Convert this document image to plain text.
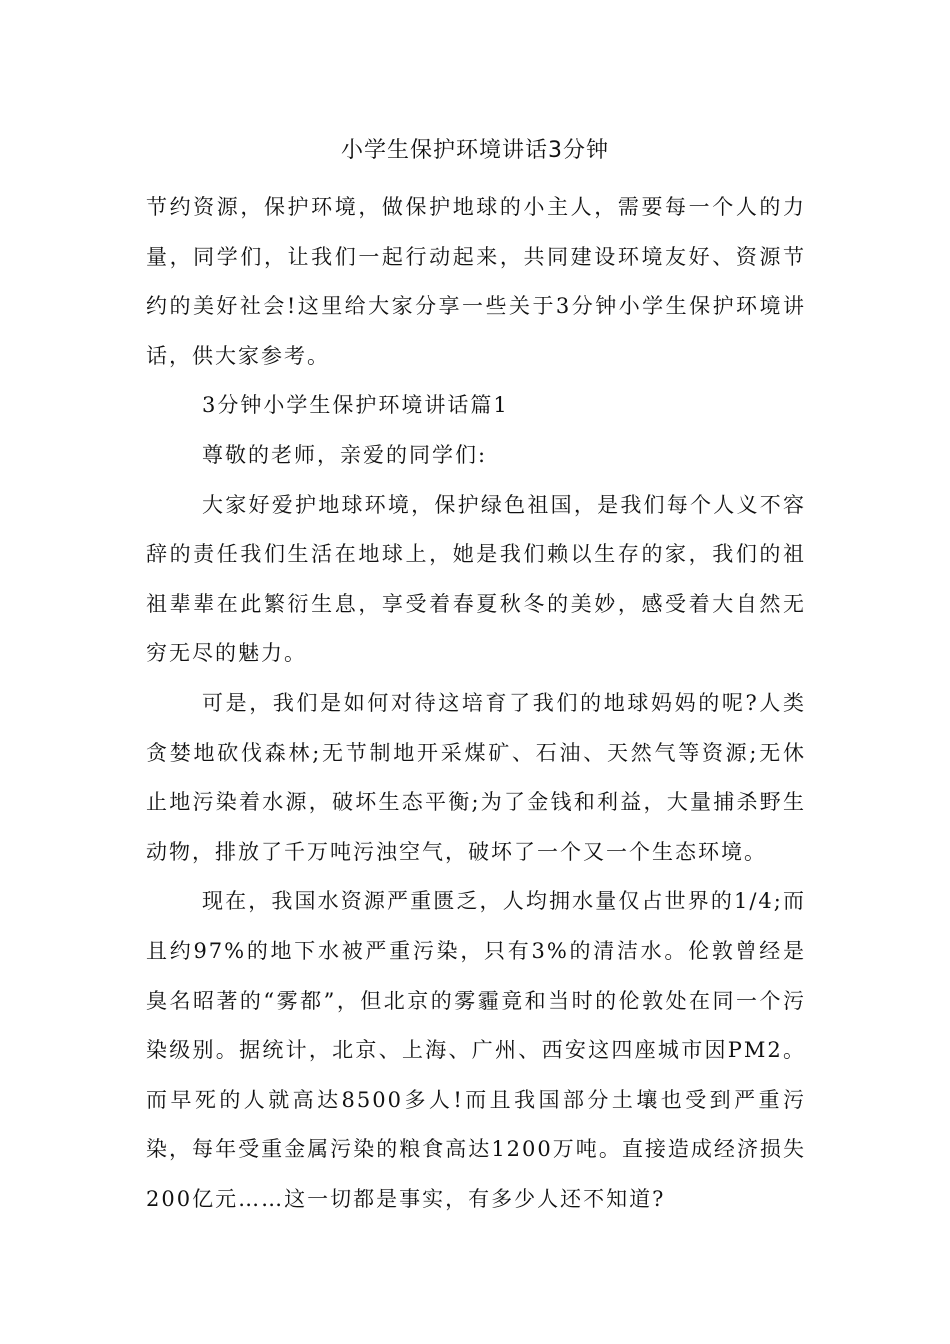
小学生保护环境讲话3分钟

节约资源，保护环境，做保护地球的小主人，需要每一个人的力量，同学们，让我们一起行动起来，共同建设环境友好、资源节约的美好社会!这里给大家分享一些关于3分钟小学生保护环境讲话，供大家参考。

3分钟小学生保护环境讲话篇1

尊敬的老师，亲爱的同学们:

大家好爱护地球环境，保护绿色祖国，是我们每个人义不容辞的责任我们生活在地球上，她是我们赖以生存的家，我们的祖祖辈辈在此繁衍生息，享受着春夏秋冬的美妙，感受着大自然无穷无尽的魅力。

可是，我们是如何对待这培育了我们的地球妈妈的呢?人类贪婪地砍伐森林;无节制地开采煤矿、石油、天然气等资源;无休止地污染着水源，破坏生态平衡;为了金钱和利益，大量捕杀野生动物，排放了千万吨污浊空气，破坏了一个又一个生态环境。

现在，我国水资源严重匮乏，人均拥水量仅占世界的1/4;而且约97%的地下水被严重污染，只有3%的清洁水。伦敦曾经是臭名昭著的“雾都”，但北京的雾霾竟和当时的伦敦处在同一个污染级别。据统计，北京、上海、广州、西安这四座城市因PM2。而早死的人就高达8500多人!而且我国部分土壤也受到严重污染，每年受重金属污染的粮食高达1200万吨。直接造成经济损失200亿元……这一切都是事实，有多少人还不知道?
